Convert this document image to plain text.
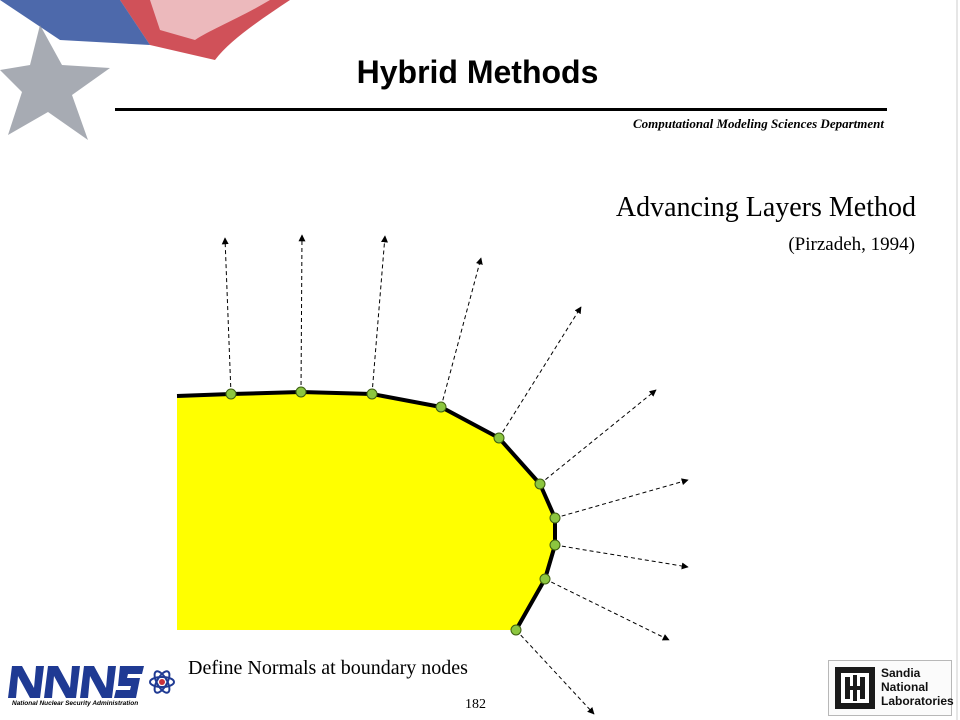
Hybrid Methods
Computational Modeling Sciences Department
Advancing Layers Method
(Pirzadeh, 1994)
Define Normals at boundary nodes
182
National Nuclear Security Administration
Sandia
National
Laboratories
